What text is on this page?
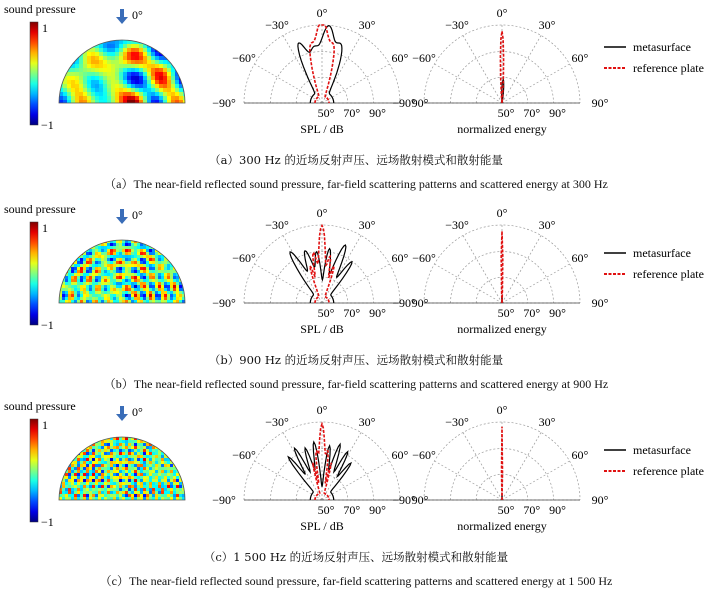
sound pressure
1
−1
0°
−90°
−60°
−30°
0°
30°
60°
90°
50° 70° 90°
SPL / dB
−90°
−60°
−30°
0°
30°
60°
90°
50° 70° 90°
normalized energy
metasurface
reference plate
（a）300 Hz 的近场反射声压、远场散射模式和散射能量
（a）The near-field reflected sound pressure, far-field scattering patterns and scattered energy at 300 Hz
sound pressure
1
−1
0°
−90°
−60°
−30°
0°
30°
60°
90°
50° 70° 90°
SPL / dB
−90°
−60°
−30°
0°
30°
60°
90°
50° 70° 90°
normalized energy
metasurface
reference plate
（b）900 Hz 的近场反射声压、远场散射模式和散射能量
（b）The near-field reflected sound pressure, far-field scattering patterns and scattered energy at 900 Hz
sound pressure
1
−1
0°
−90°
−60°
−30°
0°
30°
60°
90°
50° 70° 90°
SPL / dB
−90°
−60°
−30°
0°
30°
60°
90°
50° 70° 90°
normalized energy
metasurface
reference plate
（c）1 500 Hz 的近场反射声压、远场散射模式和散射能量
（c）The near-field reflected sound pressure, far-field scattering patterns and scattered energy at 1 500 Hz
